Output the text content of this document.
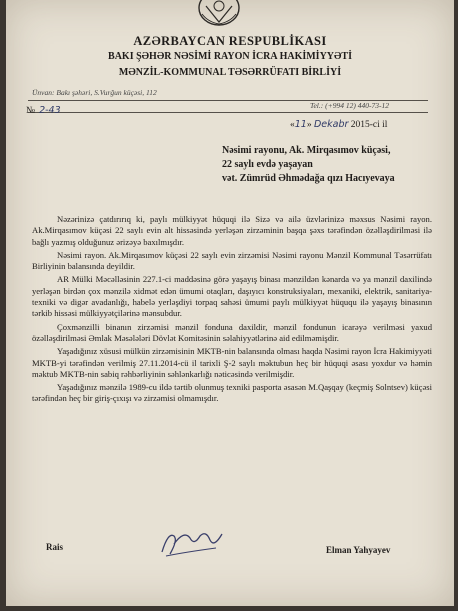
AZƏRBAYCAN RESPUBLİKASI
BAKI ŞƏHƏR NƏSİMİ RAYON İCRA HAKİMİYYƏTİ
MƏNZİL-KOMMUNAL TƏSƏRRÜFATI BİRLİYİ
Ünvan: Bakı şəhəri, S.Vurğun küçəsi, 112
Tel.: (+994 12) 440-73-12
№ 2-43
«11» Dekabr 2015-ci il
Nəsimi rayonu, Ak. Mirqasımov küçəsi,
22 saylı evdə yaşayan
vət. Zümrüd Əhmədağa qızı Hacıyevaya

Nəzərinizə çatdırırıq ki, paylı mülkiyyət hüquqi ilə Sizə və ailə üzvlərinizə məxsus Nəsimi rayon. Ak.Mirqasımov küçəsi 22 saylı evin alt hissəsində yerləşən zirzəminin başqa şəxs tərəfindən özəlləşdirilməsi ilə bağlı yazmış olduğunuz ərizəyə baxılmışdır.

Nəsimi rayon. Ak.Mirqasımov küçəsi 22 saylı evin zirzəmisi Nəsimi rayonu Mənzil Kommunal Təsərrüfatı Birliyinin balansında deyildir.

AR Mülki Məcəlləsinin 227.1-ci maddəsinə görə yaşayış binası mənzildən kənarda və ya mənzil daxilində yerləşən birdən çox mənzilə xidmət edən ümumi otaqları, daşıyıcı konstruksiyaları, mexaniki, elektrik, sanitariya-texniki və digər avadanlığı, habelə yerləşdiyi torpaq sahəsi ümumi paylı mülkiyyət hüququ ilə yaşayış binasının tərkib hissəsi mülkiyyətçilərinə mənsubdur.

Çoxmənzilli binanın zirzəmisi mənzil fonduna daxildir, mənzil fondunun icarəyə verilməsi yaxud özəlləşdirilməsi Əmlak Məsələləri Dövlət Komitəsinin səlahiyyətlərinə aid edilməmişdir.

Yaşadığınız xüsusi mülkün zirzəmisinin MKTB-nin balansında olması haqda Nəsimi rayon İcra Hakimiyyəti MKTB-yi tərəfindən verilmiş 27.11.2014-cü il tarixli Ş-2 saylı məktubun heç bir hüquqi əsası yoxdur və həmin məktub MKTB-nin sabiq rəhbərliyinin səhlənkarlığı nəticəsində verilmişdir.

Yaşadığınız mənzilə 1989-cu ildə tərtib olunmuş texniki pasporta əsasən M.Qaşqay (keçmiş Solntsev) küçəsi tərəfindən heç bir giriş-çıxışı və zirzəmisi olmamışdır.

Rais	Elman Yahyayev
